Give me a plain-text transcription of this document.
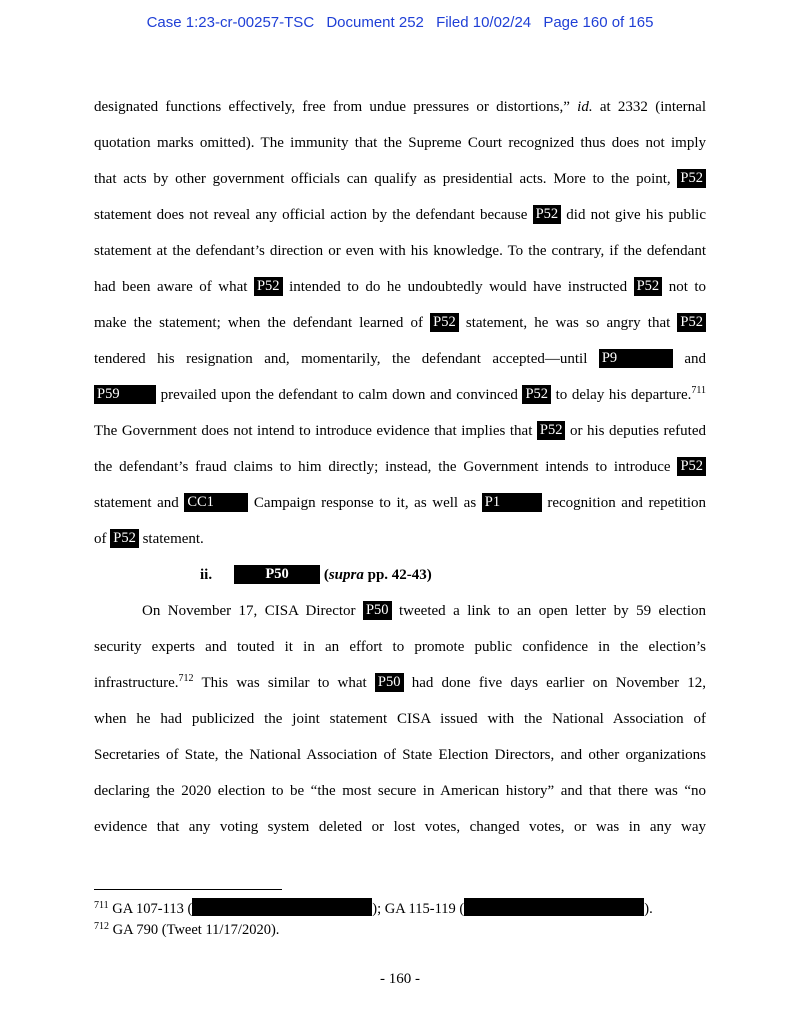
Case 1:23-cr-00257-TSC Document 252 Filed 10/02/24 Page 160 of 165
designated functions effectively, free from undue pressures or distortions,” id. at 2332 (internal
quotation marks omitted). The immunity that the Supreme Court recognized thus does not imply
that acts by other government officials can qualify as presidential acts. More to the point, P52
statement does not reveal any official action by the defendant because P52 did not give his public
statement at the defendant’s direction or even with his knowledge. To the contrary, if the defendant
had been aware of what P52 intended to do he undoubtedly would have instructed P52 not to
make the statement; when the defendant learned of P52 statement, he was so angry that P52
tendered his resignation and, momentarily, the defendant accepted—until P9	and
P59	prevailed upon the defendant to calm down and convinced P52 to delay his departure.$^{711}$
The Government does not intend to introduce evidence that implies that P52 or his deputies refuted
the defendant’s fraud claims to him directly; instead, the Government intends to introduce P52
statement and CC1	Campaign response to it, as well as P1	recognition and repetition
of P52 statement.
ii.	P50 (supra pp. 42-43)
On November 17, CISA Director P50 tweeted a link to an open letter by 59 election
security experts and touted it in an effort to promote public confidence in the election’s
infrastructure.$^{712}$ This was similar to what P50 had done five days earlier on November 12,
when he had publicized the joint statement CISA issued with the National Association of
Secretaries of State, the National Association of State Election Directors, and other organizations
declaring the 2020 election to be “the most secure in American history” and that there was “no
evidence that any voting system deleted or lost votes, changed votes, or was in any way
$^{711}$ GA 107-113 (	); GA 115-119 (	).
$^{712}$ GA 790 (Tweet 11/17/2020).
- 160 -
